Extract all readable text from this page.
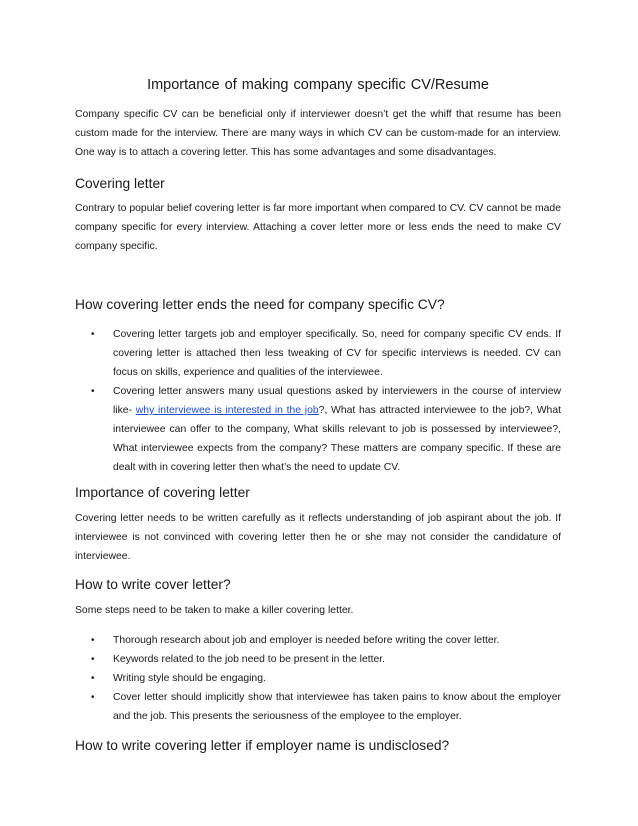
Importance of making company specific CV/Resume

Company specific CV can be beneficial only if interviewer doesn’t get the whiff that resume has been custom made for the interview. There are many ways in which CV can be custom-made for an interview. One way is to attach a covering letter. This has some advantages and some disadvantages.

Covering letter

Contrary to popular belief covering letter is far more important when compared to CV. CV cannot be made company specific for every interview. Attaching a cover letter more or less ends the need to make CV company specific.

How covering letter ends the need for company specific CV?
• Covering letter targets job and employer specifically. So, need for company specific CV ends. If covering letter is attached then less tweaking of CV for specific interviews is needed. CV can focus on skills, experience and qualities of the interviewee.
• Covering letter answers many usual questions asked by interviewers in the course of interview like- why interviewee is interested in the job?, What has attracted interviewee to the job?, What interviewee can offer to the company, What skills relevant to job is possessed by interviewee?, What interviewee expects from the company? These matters are company specific. If these are dealt with in covering letter then what’s the need to update CV.
Importance of covering letter

Covering letter needs to be written carefully as it reflects understanding of job aspirant about the job. If interviewee is not convinced with covering letter then he or she may not consider the candidature of interviewee.

How to write cover letter?

Some steps need to be taken to make a killer covering letter.

• Thorough research about job and employer is needed before writing the cover letter.
• Keywords related to the job need to be present in the letter.
• Writing style should be engaging.
• Cover letter should implicitly show that interviewee has taken pains to know about the employer and the job. This presents the seriousness of the employee to the employer.
How to write covering letter if employer name is undisclosed?
